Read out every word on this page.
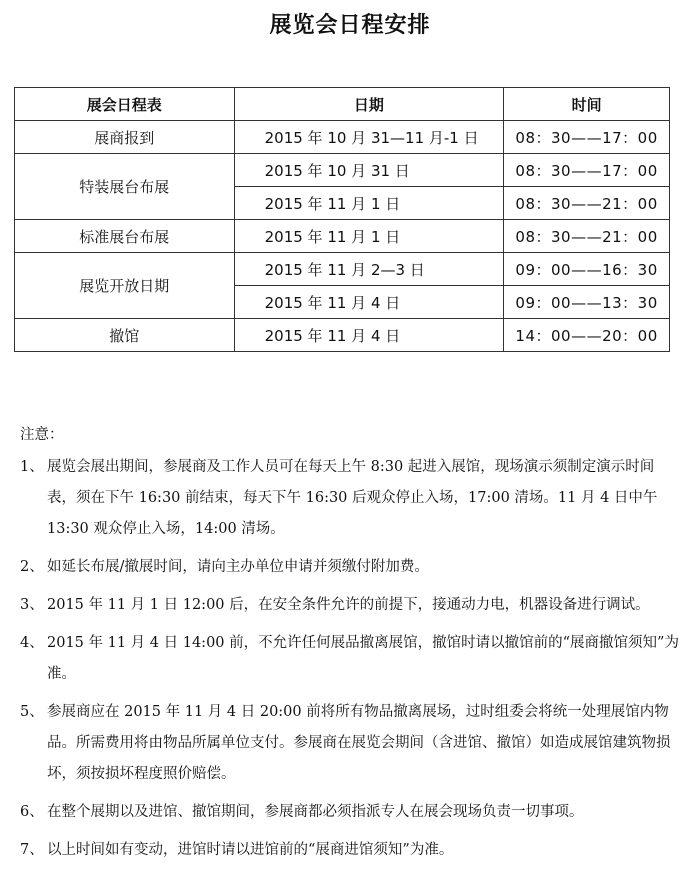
展览会日程安排
展会日程表	日期	时间
展商报到	2015 年 10 月 31—11 月-1 日	08：30——17：00
特装展台布展	2015 年 10 月 31 日	08：30——17：00
	2015 年 11 月 1 日	08：30——21：00
标准展台布展	2015 年 11 月 1 日	08：30——21：00
展览开放日期	2015 年 11 月 2—3 日	09：00——16：30
	2015 年 11 月 4 日	09：00——13：30
撤馆	2015 年 11 月 4 日	14：00——20：00
注意：
1、 展览会展出期间，参展商及工作人员可在每天上午 8:30 起进入展馆，现场演示须制定演示时间表，须在下午 16:30 前结束，每天下午 16:30 后观众停止入场，17:00 清场。11 月 4 日中午 13:30 观众停止入场，14:00 清场。
2、 如延长布展/撤展时间，请向主办单位申请并须缴付附加费。
3、 2015 年 11 月 1 日 12:00 后，在安全条件允许的前提下，接通动力电，机器设备进行调试。
4、 2015 年 11 月 4 日 14:00 前，不允许任何展品撤离展馆，撤馆时请以撤馆前的“展商撤馆须知”为准。
5、 参展商应在 2015 年 11 月 4 日 20:00 前将所有物品撤离展场，过时组委会将统一处理展馆内物品。所需费用将由物品所属单位支付。参展商在展览会期间（含进馆、撤馆）如造成展馆建筑物损坏，须按损坏程度照价赔偿。
6、 在整个展期以及进馆、撤馆期间，参展商都必须指派专人在展会现场负责一切事项。
7、 以上时间如有变动，进馆时请以进馆前的“展商进馆须知”为准。
